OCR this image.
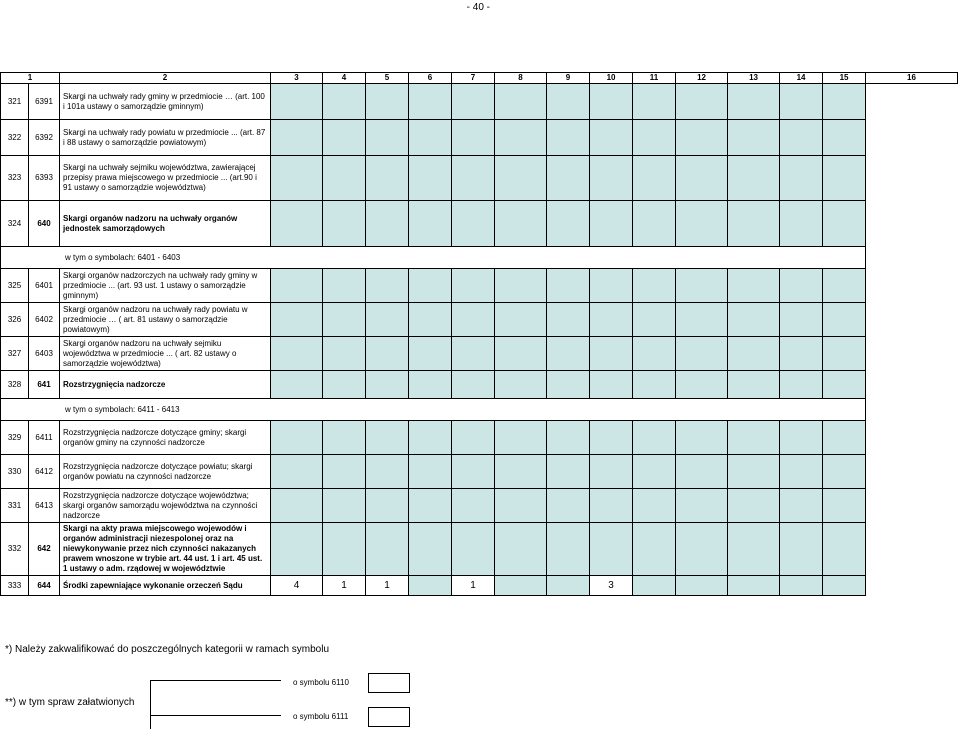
- 40 -
1		2	3	4	5	6	7	8	9	10	11	12	13	14	15	16
321	6391	Skargi na uchwały rady gminy w przedmiocie … (art. 100 i 101a ustawy o samorządzie gminnym)														
322	6392	Skargi na uchwały rady powiatu w przedmiocie ... (art. 87 i 88 ustawy o samorządzie powiatowym)														
323	6393	Skargi na uchwały sejmiku województwa, zawierającej przepisy prawa miejscowego w przedmiocie ... (art.90 i 91 ustawy o samorządzie województwa)														
324	640	Skargi organów nadzoru na uchwały organów jednostek samorządowych														
w tym o symbolach: 6401 - 6403																
325	6401	Skargi organów nadzorczych na uchwały rady gminy w przedmiocie ... (art. 93 ust. 1 ustawy o samorządzie gminnym)														
326	6402	Skargi organów nadzoru na uchwały rady powiatu w przedmiocie … ( art. 81 ustawy o samorządzie powiatowym)														
327	6403	Skargi organów nadzoru na uchwały sejmiku województwa w przedmiocie ... ( art. 82 ustawy o samorządzie województwa)														
328	641	Rozstrzygnięcia nadzorcze														
w tym o symbolach: 6411 - 6413																
329	6411	Rozstrzygnięcia nadzorcze dotyczące gminy; skargi organów gminy na czynności nadzorcze														
330	6412	Rozstrzygnięcia nadzorcze dotyczące powiatu; skargi organów powiatu na czynności nadzorcze														
331	6413	Rozstrzygnięcia nadzorcze dotyczące województwa; skargi organów samorządu województwa na czynności nadzorcze														
332	642	Skargi na akty prawa miejscowego wojewodów i organów administracji niezespolonej oraz na niewykonywanie przez nich czynności nakazanych prawem wnoszone w trybie art. 44 ust. 1 i art. 45 ust. 1 ustawy o adm. rządowej w województwie														
333	644	Środki zapewniające wykonanie orzeczeń Sądu	4	1	1		1			3						
*) Należy zakwalifikować do poszczególnych kategorii w ramach symbolu
**) w tym spraw załatwionych
o symbolu 6110
o symbolu 6111
